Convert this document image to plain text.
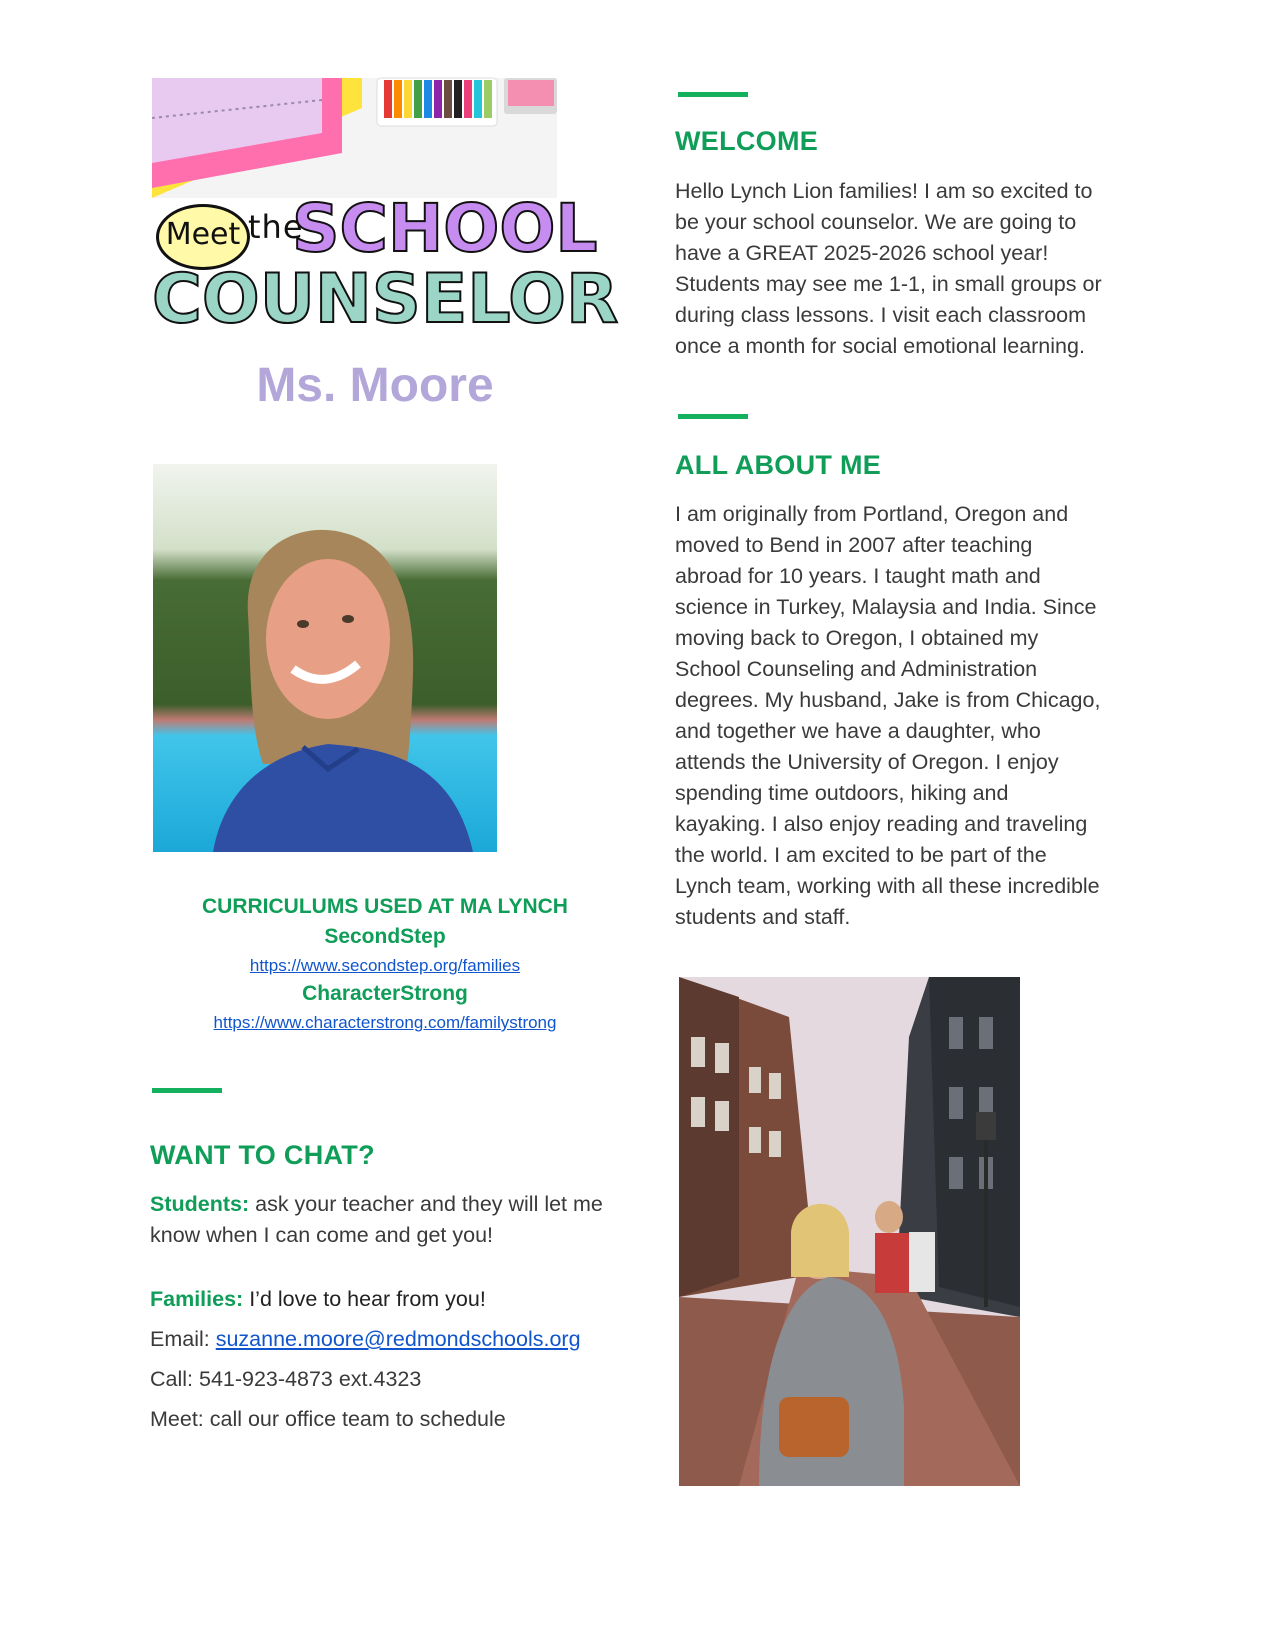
Meet the
SCHOOL
COUNSELOR
Ms. Moore
CURRICULUMS USED AT MA LYNCH
SecondStep
https://www.secondstep.org/families
CharacterStrong
https://www.characterstrong.com/familystrong
WANT TO CHAT?

Students: ask your teacher and they will let me know when I can come and get you!

Families: I’d love to hear from you!

Email: suzanne.moore@redmondschools.org

Call: 541-923-4873 ext.4323

Meet: call our office team to schedule

WELCOME
Hello Lynch Lion families! I am so excited to
be your school counselor. We are going to
have a GREAT 2025-2026 school year!
Students may see me 1-1, in small groups or
during class lessons. I visit each classroom
once a month for social emotional learning.
ALL ABOUT ME
I am originally from Portland, Oregon and
moved to Bend in 2007 after teaching
abroad for 10 years. I taught math and
science in Turkey, Malaysia and India. Since
moving back to Oregon, I obtained my
School Counseling and Administration
degrees. My husband, Jake is from Chicago,
and together we have a daughter, who
attends the University of Oregon. I enjoy
spending time outdoors, hiking and
kayaking. I also enjoy reading and traveling
the world. I am excited to be part of the
Lynch team, working with all these incredible
students and staff.
